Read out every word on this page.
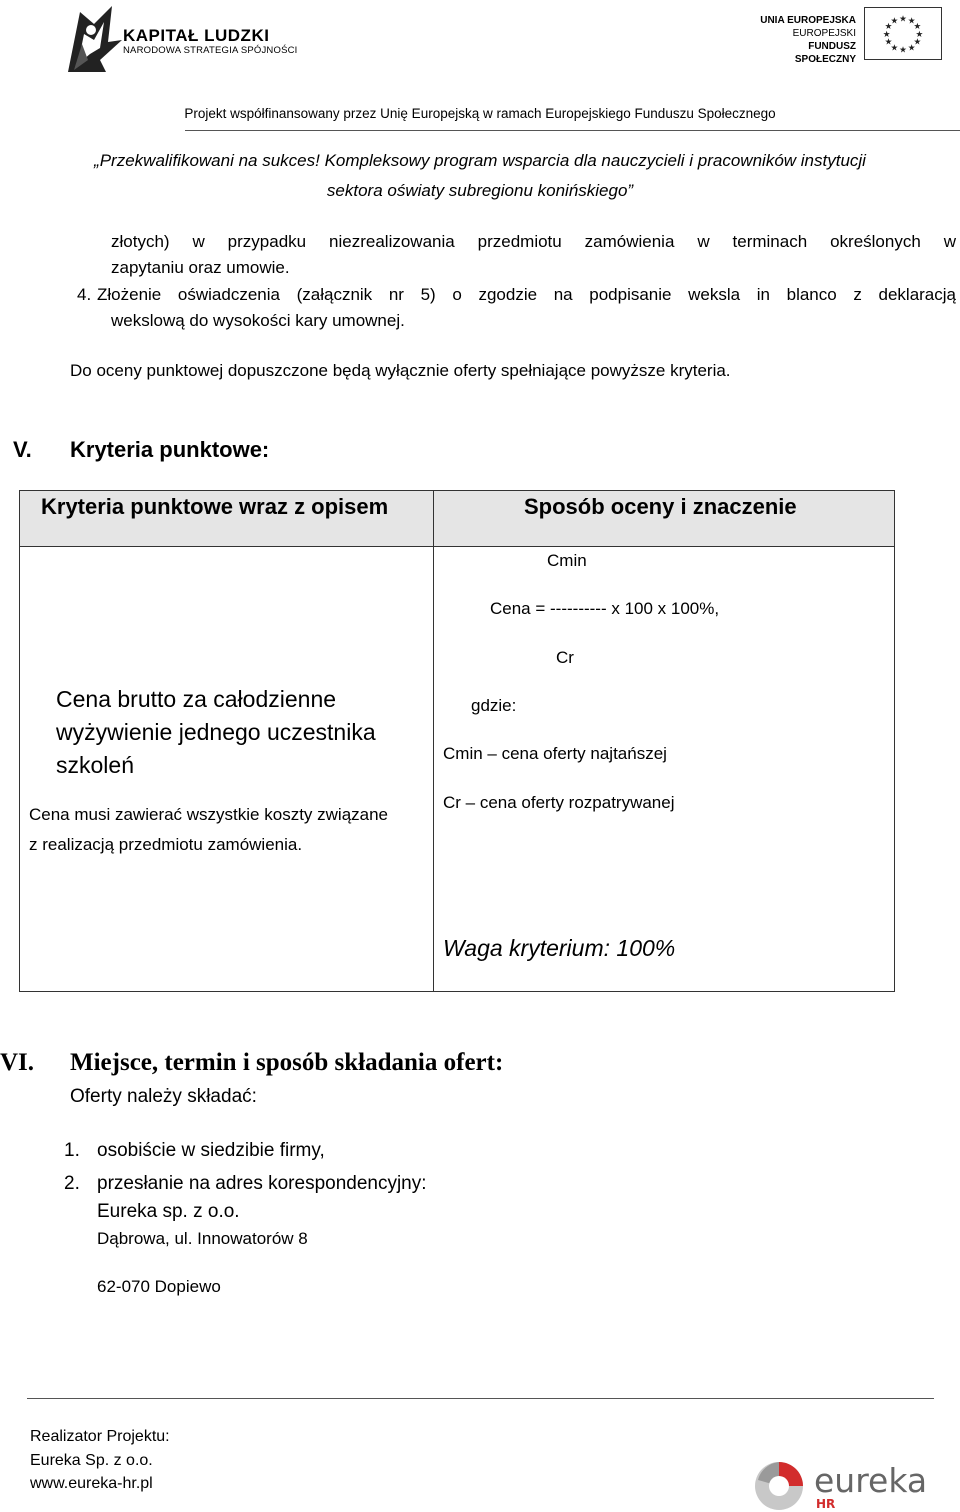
KAPITAŁ LUDZKI
NARODOWA STRATEGIA SPÓJNOŚCI
UNIA EUROPEJSKA
EUROPEJSKI
FUNDUSZ SPOŁECZNY
★ ★
★
★
★
★
★
★
★
★
★
★
Projekt współfinansowany przez Unię Europejską w ramach Europejskiego Funduszu Społecznego
„Przekwalifikowani na sukces! Kompleksowy program wsparcia dla nauczycieli i pracowników instytucji
sektora oświaty subregionu konińskiego”
złotych) w przypadku niezrealizowania przedmiotu zamówienia w terminach określonych w
zapytaniu oraz umowie.
4. Złożenie oświadczenia (załącznik nr 5) o zgodzie na podpisanie weksla in blanco z deklaracją
wekslową do wysokości kary umownej.
Do oceny punktowej dopuszczone będą wyłącznie oferty spełniające powyższe kryteria.
V. Kryteria punktowe:
Kryteria punktowe wraz z opisem	Sposób oceny i znaczenie
Cena brutto za całodzienne
wyżywienie jednego uczestnika
szkoleń
Cena musi zawierać wszystkie koszty związane
z realizacją przedmiotu zamówienia.
Cmin
Cena = ---------- x 100 x 100%,
Cr
gdzie:
Cmin – cena oferty najtańszej
Cr – cena oferty rozpatrywanej
Waga kryterium: 100%
VI. Miejsce, termin i sposób składania ofert:
Oferty należy składać:
1. osobiście w siedzibie firmy,
2. przesłanie na adres korespondencyjny:
Eureka sp. z o.o.
Dąbrowa, ul. Innowatorów 8
62-070 Dopiewo
Realizator Projektu:
Eureka Sp. z o.o.
www.eureka-hr.pl	eureka
HR
